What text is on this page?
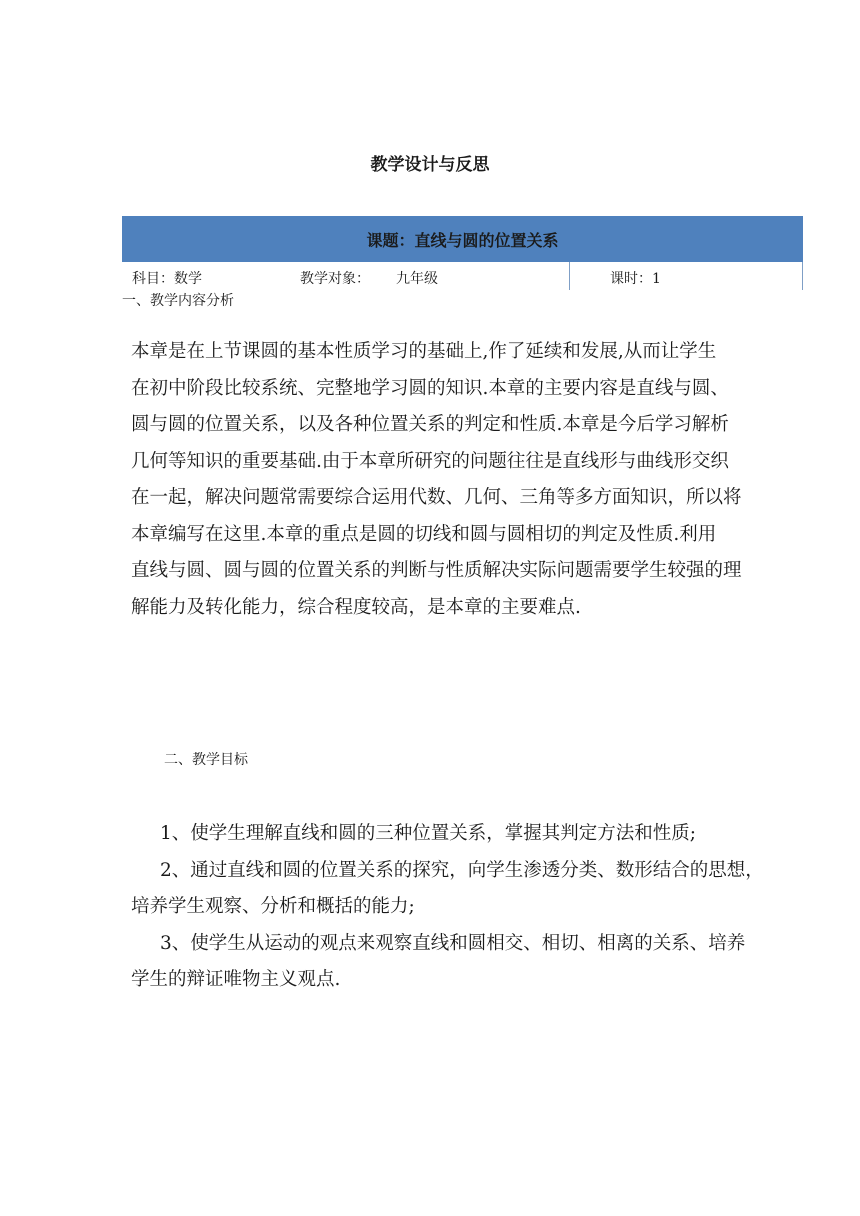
教学设计与反思
课题：直线与圆的位置关系
科目：数学	教学对象： 九年级	课时：1
一、教学内容分析

本章是在上节课圆的基本性质学习的基础上,作了延续和发展,从而让学生

在初中阶段比较系统、完整地学习圆的知识.本章的主要内容是直线与圆、

圆与圆的位置关系，以及各种位置关系的判定和性质.本章是今后学习解析

几何等知识的重要基础.由于本章所研究的问题往往是直线形与曲线形交织

在一起，解决问题常需要综合运用代数、几何、三角等多方面知识，所以将

本章编写在这里.本章的重点是圆的切线和圆与圆相切的判定及性质.利用

直线与圆、圆与圆的位置关系的判断与性质解决实际问题需要学生较强的理

解能力及转化能力，综合程度较高，是本章的主要难点.

二、教学目标

1、使学生理解直线和圆的三种位置关系，掌握其判定方法和性质;

2、通过直线和圆的位置关系的探究，向学生渗透分类、数形结合的思想，

培养学生观察、分析和概括的能力;

3、使学生从运动的观点来观察直线和圆相交、相切、相离的关系、培养

学生的辩证唯物主义观点.
